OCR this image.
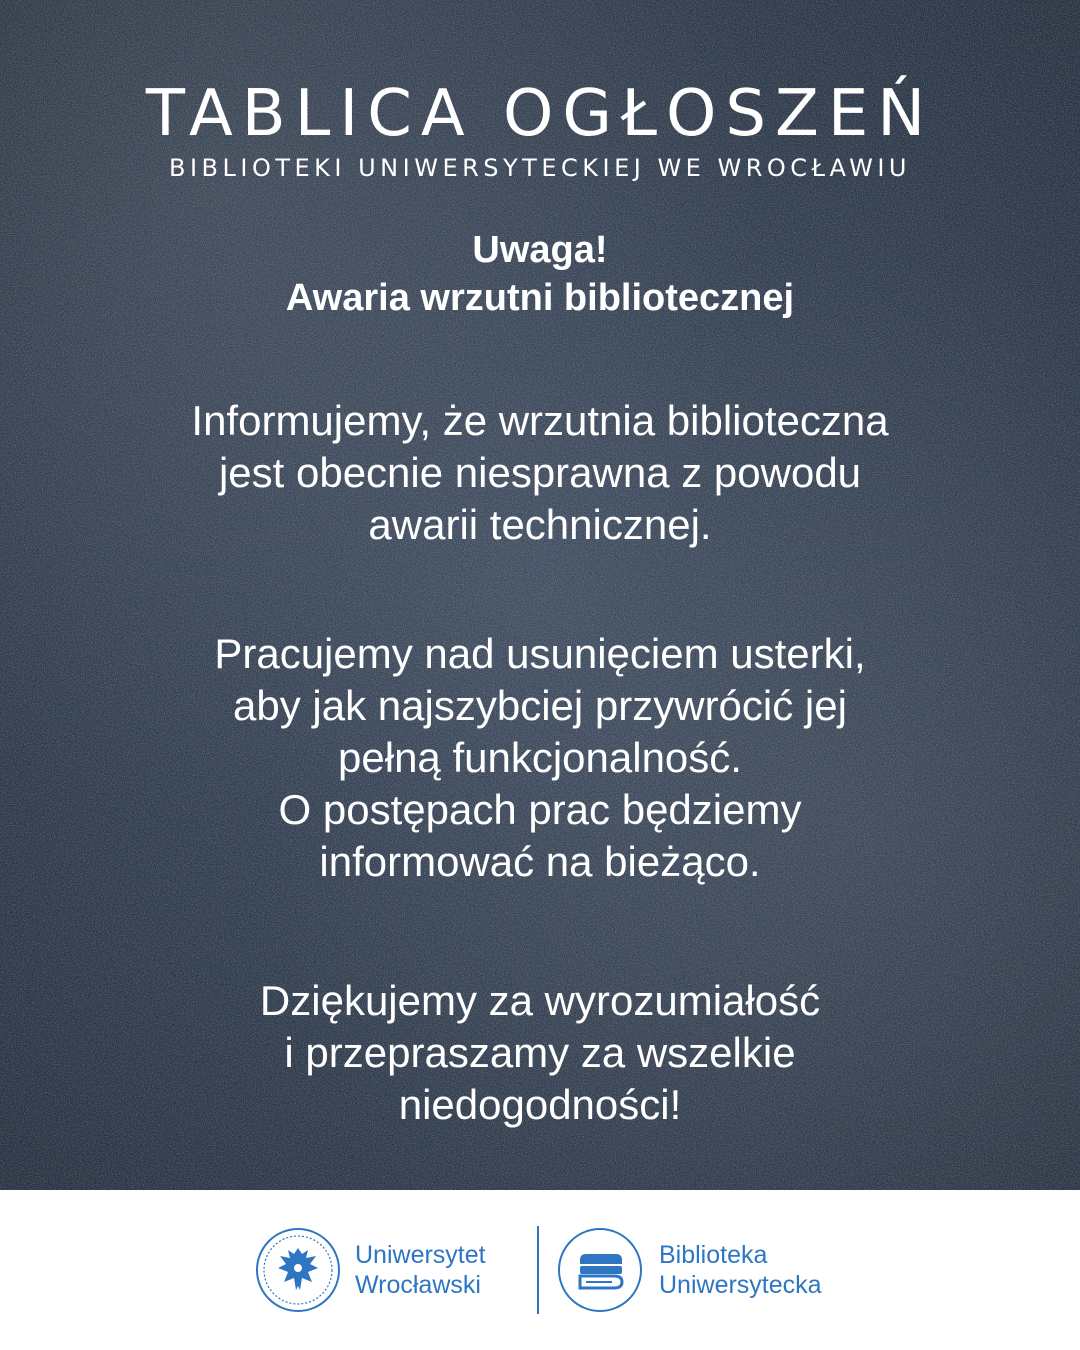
TABLICA OGŁOSZEŃ
BIBLIOTEKI UNIWERSYTECKIEJ WE WROCŁAWIU
Uwaga!
Awaria wrzutni bibliotecznej
Informujemy, że wrzutnia biblioteczna
jest obecnie niesprawna z powodu
awarii technicznej.
Pracujemy nad usunięciem usterki,
aby jak najszybciej przywrócić jej
pełną funkcjonalność.
O postępach prac będziemy
informować na bieżąco.
Dziękujemy za wyrozumiałość
i przepraszamy za wszelkie
niedogodności!
Uniwersytet
Wrocławski
Biblioteka
Uniwersytecka
